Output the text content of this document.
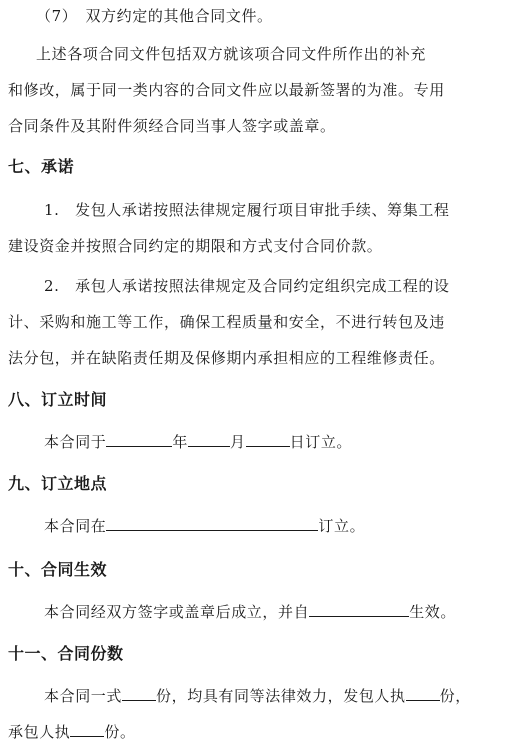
（7）　双方约定的其他合同文件。
上述各项合同文件包括双方就该项合同文件所作出的补充
和修改，属于同一类内容的合同文件应以最新签署的为准。专用
合同条件及其附件须经合同当事人签字或盖章。
七、承诺
1.　发包人承诺按照法律规定履行项目审批手续、筹集工程
建设资金并按照合同约定的期限和方式支付合同价款。
2.　承包人承诺按照法律规定及合同约定组织完成工程的设
计、采购和施工等工作，确保工程质量和安全，不进行转包及违
法分包，并在缺陷责任期及保修期内承担相应的工程维修责任。
八、订立时间
本合同于	年	月	日订立。
九、订立地点
本合同在	订立。
十、合同生效
本合同经双方签字或盖章后成立，并自	生效。
十一、合同份数
本合同一式 份，均具有同等法律效力，发包人执 份，
承包人执 份。
